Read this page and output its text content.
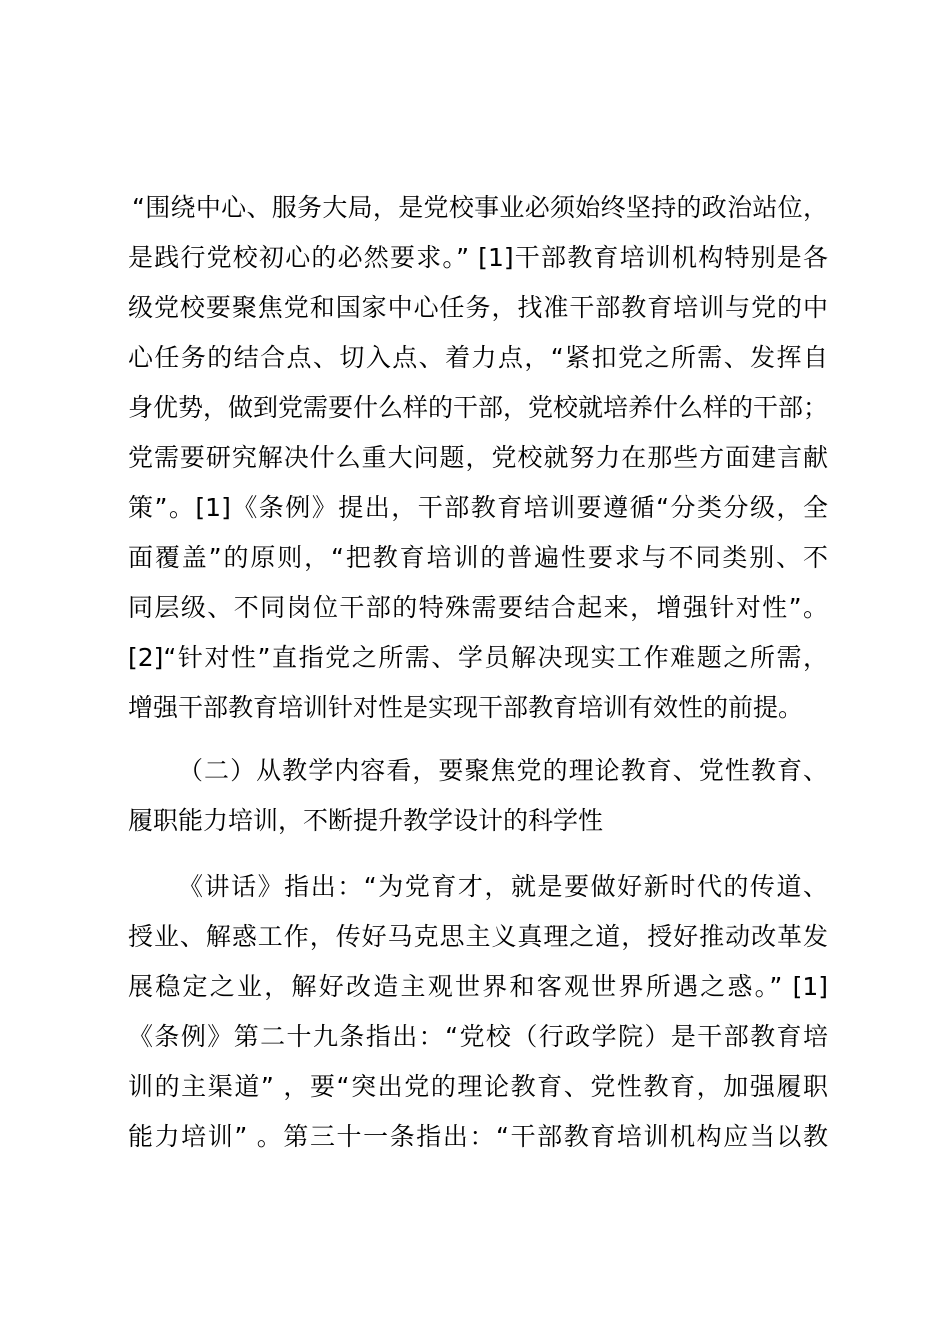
“围绕中心、服务大局，是党校事业必须始终坚持的政治站位，
是践行党校初心的必然要求。” [1]干部教育培训机构特别是各
级党校要聚焦党和国家中心任务，找准干部教育培训与党的中
心任务的结合点、切入点、着力点，“紧扣党之所需、发挥自
身优势，做到党需要什么样的干部，党校就培养什么样的干部；
党需要研究解决什么重大问题，党校就努力在那些方面建言献
策”。[1]《条例》提出，干部教育培训要遵循“分类分级，全
面覆盖”的原则，“把教育培训的普遍性要求与不同类别、不
同层级、不同岗位干部的特殊需要结合起来，增强针对性”。
[2]“针对性”直指党之所需、学员解决现实工作难题之所需，
增强干部教育培训针对性是实现干部教育培训有效性的前提。
（二）从教学内容看，要聚焦党的理论教育、党性教育、
履职能力培训，不断提升教学设计的科学性
《讲话》指出：“为党育才，就是要做好新时代的传道、
授业、解惑工作，传好马克思主义真理之道，授好推动改革发
展稳定之业，解好改造主观世界和客观世界所遇之惑。” [1]
《条例》第二十九条指出：“党校（行政学院）是干部教育培
训的主渠道” ，要“突出党的理论教育、党性教育，加强履职
能力培训” 。第三十一条指出：“干部教育培训机构应当以教
